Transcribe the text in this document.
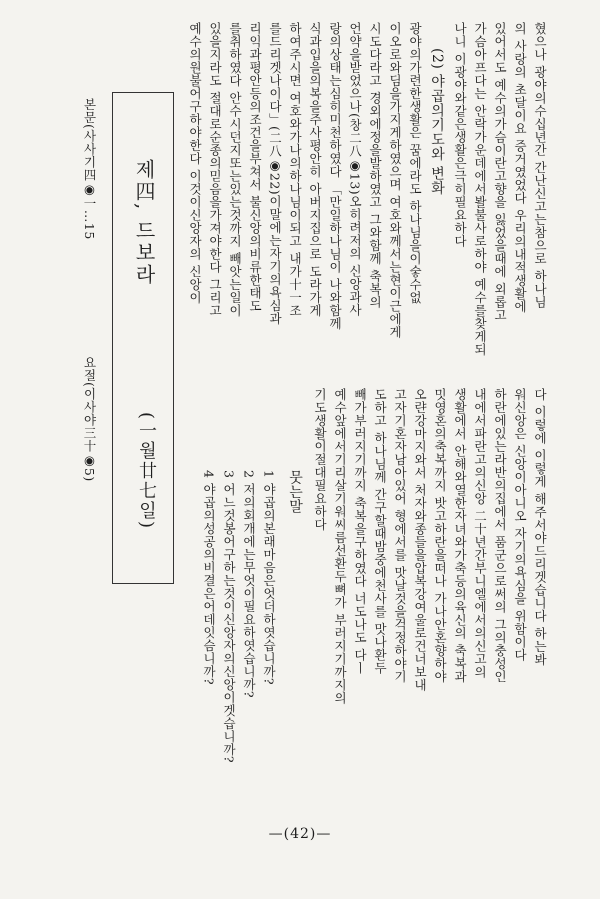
혔으나 광야의수십년간 간난신고는참으로 하나님
의 사랑의 초달이요 증거였었다 우리의내적생활에
있어서도 예수의가슴이란고향을 잃었을때에 외롭고
가슴아프다는 안락가운데에서봘불사로하야 예수를찾게되
나니 이광야와같은생활은극히필요하다
(2) 야곱의기도와 변화
광야의가련한생활은 꿈에라도 하나님을이숳수없
이오로와딤을가지게하였으며 여호와께서는현이근에게
시도다라고 경외에정을발하였고 그와함께 축복의
언약을받었으나(창二八◉13)오히려저의 신앙과사
랑의상태는심히미천하였다 「만일하나님이 나와함께
식과입을의복을주사평안히 아버지집으로 도라가게
하여주시면 여호와가나의하나님이되고 내가十一조
를드리겟나이다」(二八◉22)이말에는자기의욕심과
리익과평안등의조건을부쳐서 불신앙의비류한태도
를취하였다 안수시던지또는있는것까지 빼앗는일이
있을지라도 절대로순종의믿음을가져야한다 그리고
예수의원불어구하야한다 이것이신앙자의 신앙이
제四, 드보라
(一월廿七일)
본문(사사기四◉一…15
요절(이사야三十◉5)	다 이렇에 이렇게 해주서야드리겟습니다 하는봐
워신앙은 신앙이아니오 자기의욕심을 위함이다
하란에있는라반의집에서 품군으로써의 그의충성인
내에서파란고의신앙 二十년간부니엘에서의신고의
생활에서 안해와열한자녀와가축등의육신의 축복과
밋영혼의축복까지 밧고하란을떠나 가나안혼향하야
오랸강마지와서 처자와종들을압복강여울로건너보내
고자기혼자남아있어 형에서를 맛날것을걱정하야기
도하고 하나님께 간구할때밤중에천사를 맛나환두
빼가부러지기까지 축복을구하였다 너도나도 다ㅣ
예수앞에서기리살기워씨름선환두뼈가 부러지기까지의
기도생활이절대필요하다
뭇는말
1 야곱의본래마음은엇더하엿습니까?
2 저의회개에는무엇이필요하엿습니까?
3 어느것봉어구하는것이신앙자의신앙이겟습니까?
4 야곱의성공의비결은어데잇슴니까?
—(42)—
